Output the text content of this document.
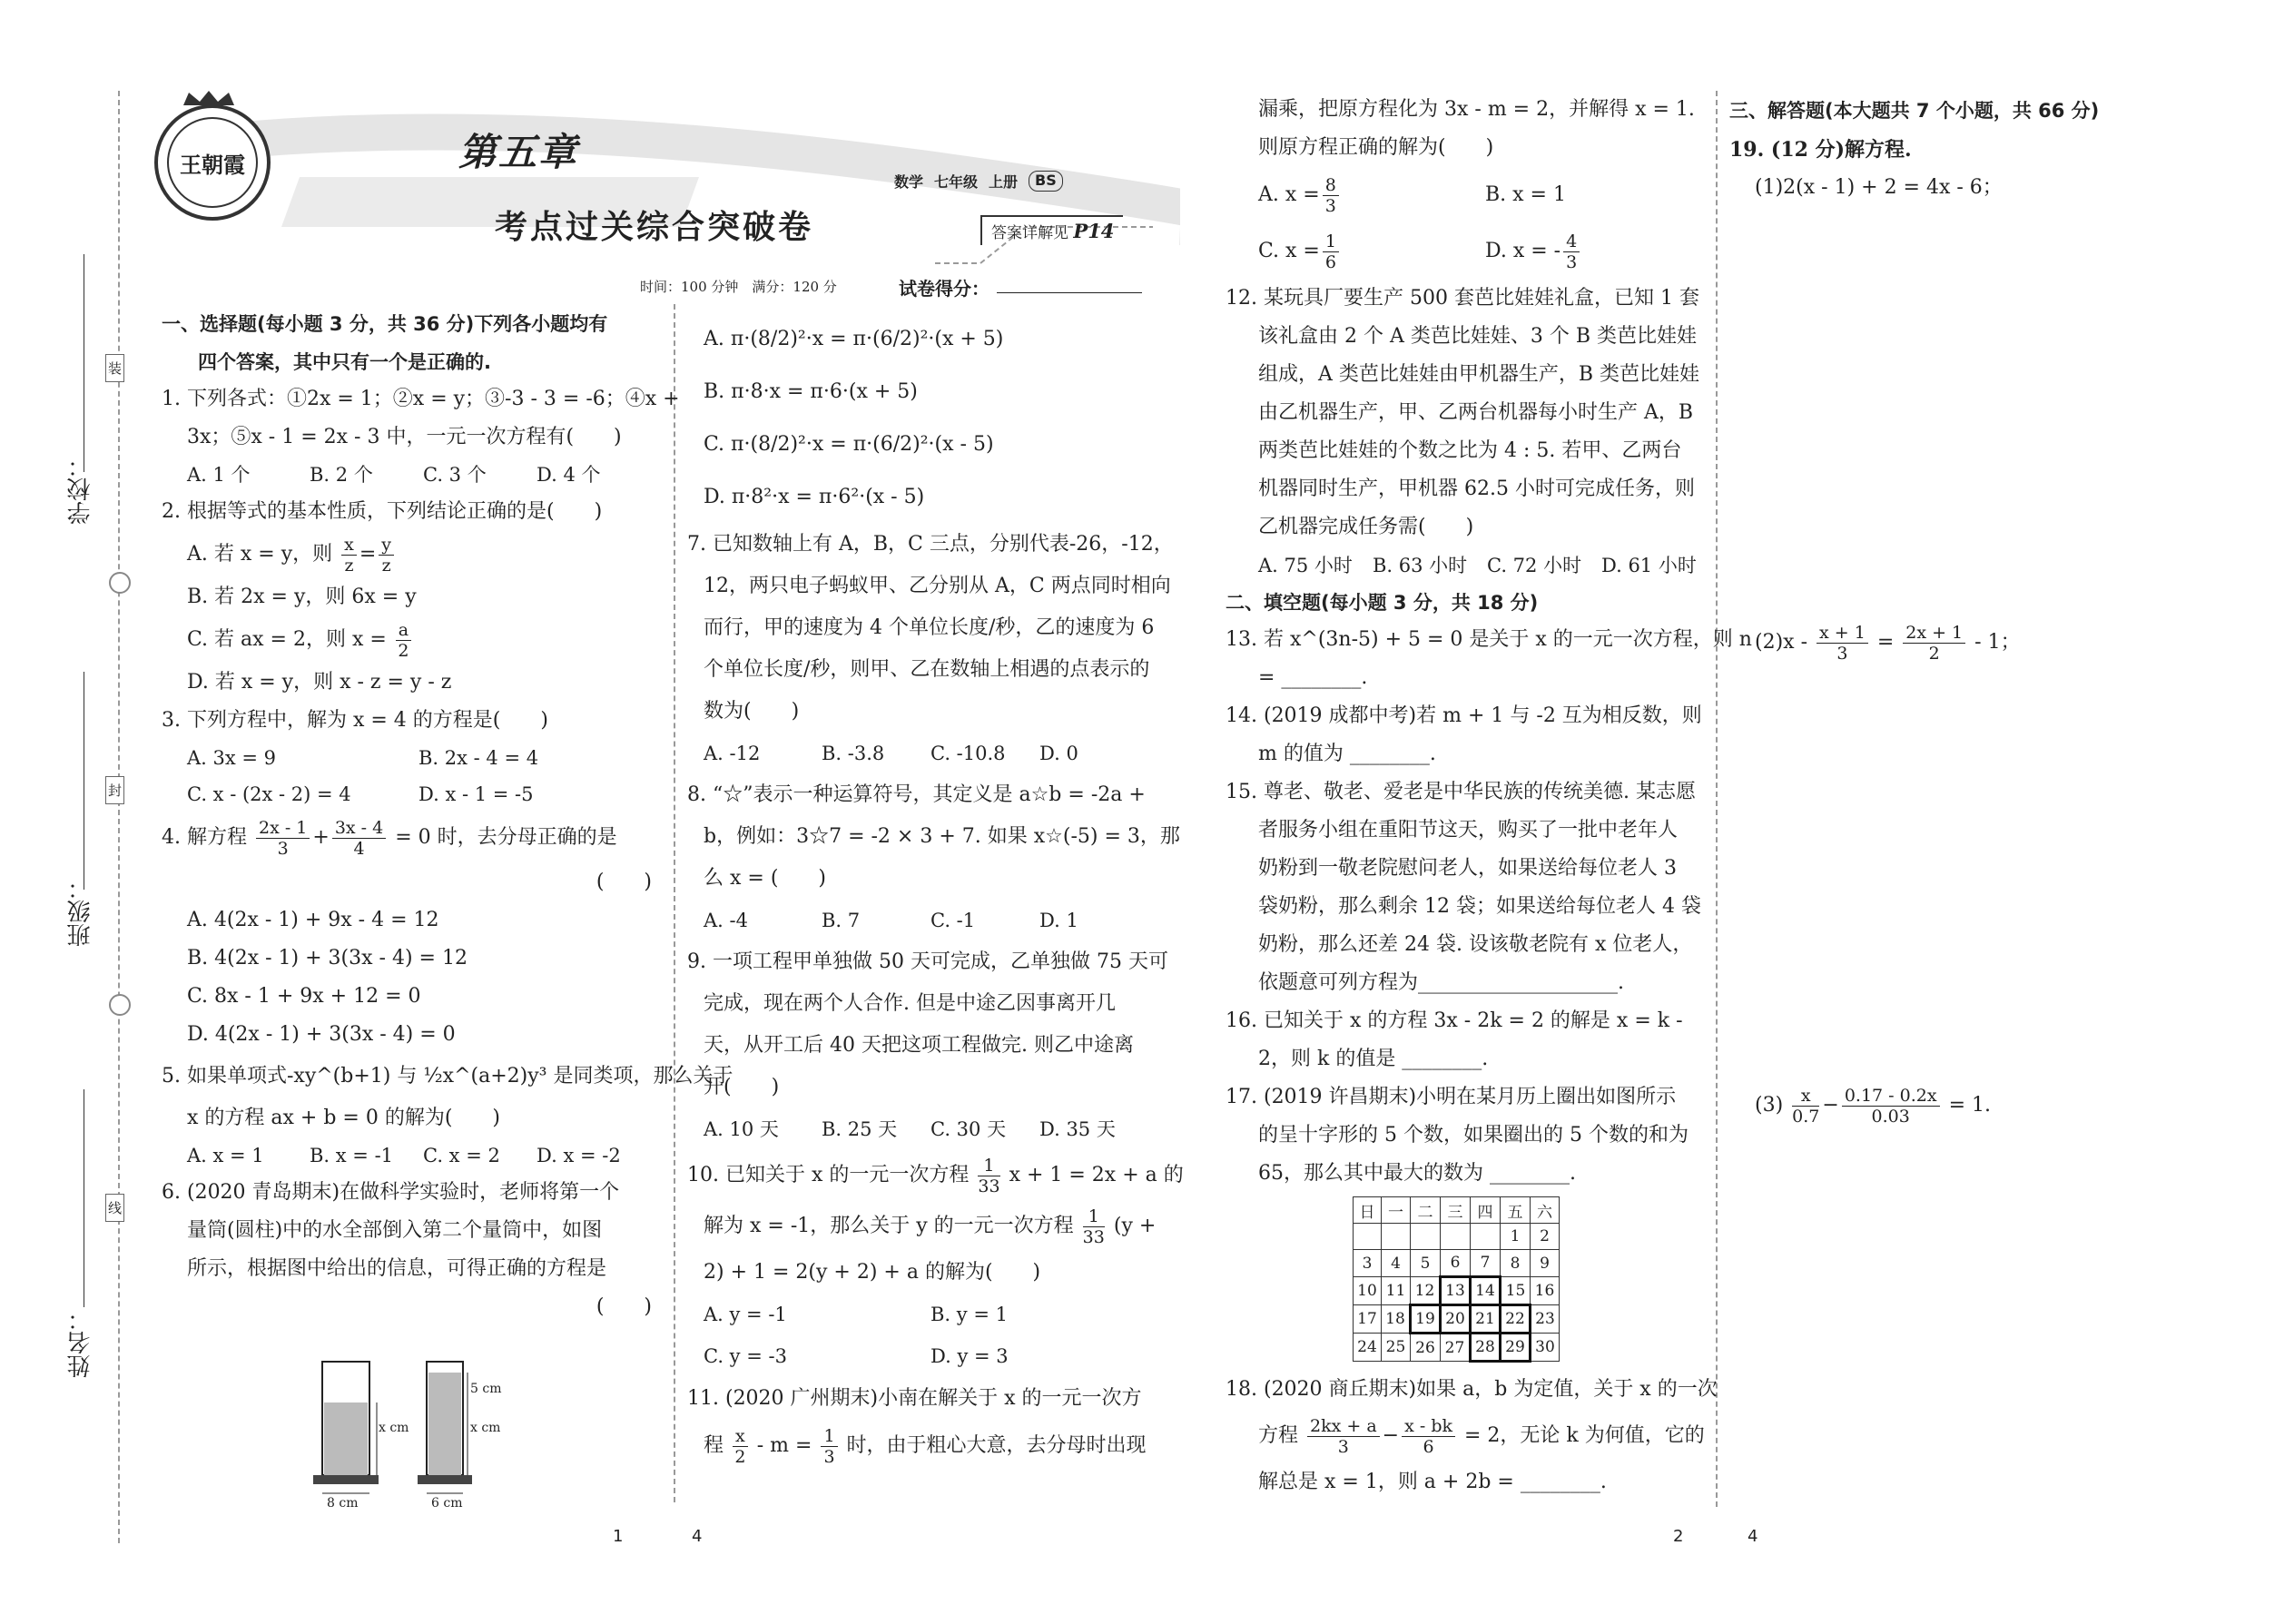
学校：
班级：
姓名：
装
封
线
王朝霞	第五章
考点过关综合突破卷
数学 七年级 上册	BS
答案详解见 P14
时间：100 分钟　满分：120 分	试卷得分：
一、选择题(每小题 3 分，共 36 分)下列各小题均有
四个答案，其中只有一个是正确的.
1. 下列各式：①2x = 1；②x = y；③-3 - 3 = -6；④x +
3x；⑤x - 1 = 2x - 3 中，一元一次方程有(　　)
A. 1 个	B. 2 个	C. 3 个	D. 4 个
2. 根据等式的基本性质，下列结论正确的是(　　)
A. 若 x = y，则 $\frac{x}{z} = \frac{y}{z}$
B. 若 2x = y，则 6x = y
C. 若 ax = 2，则 $x = \frac{a}{2}$
D. 若 x = y，则 x - z = y - z
3. 下列方程中，解为 x = 4 的方程是(　　)
A. 3x = 9	B. 2x - 4 = 4
C. x - (2x - 2) = 4	D. x - 1 = -5
4. 解方程 $\frac{2x - 1}{3} + \frac{3x - 4}{4} = 0$ 时，去分母正确的是
(　　)
A. 4(2x - 1) + 9x - 4 = 12
B. 4(2x - 1) + 3(3x - 4) = 12
C. 8x - 1 + 9x + 12 = 0
D. 4(2x - 1) + 3(3x - 4) = 0
5. 如果单项式-xy^(b+1) 与 ½x^(a+2)y³ 是同类项，那么关于
x 的方程 ax + b = 0 的解为(　　)
A. x = 1	B. x = -1	C. x = 2	D. x = -2
6. (2020 青岛期末)在做科学实验时，老师将第一个
量筒(圆柱)中的水全部倒入第二个量筒中，如图
所示，根据图中给出的信息，可得正确的方程是
(　　)
x cm
5 cm
x cm
8 cm	6 cm
A. π·(8/2)²·x = π·(6/2)²·(x + 5)
B. π·8·x = π·6·(x + 5)
C. π·(8/2)²·x = π·(6/2)²·(x - 5)
D. π·8²·x = π·6²·(x - 5)
7. 已知数轴上有 A，B，C 三点，分别代表-26，-12，
12，两只电子蚂蚁甲、乙分别从 A，C 两点同时相向
而行，甲的速度为 4 个单位长度/秒，乙的速度为 6
个单位长度/秒，则甲、乙在数轴上相遇的点表示的
数为(　　)
A. -12	B. -3.8	C. -10.8	D. 0
8. “☆”表示一种运算符号，其定义是 a☆b = -2a +
b，例如：3☆7 = -2 × 3 + 7. 如果 x☆(-5) = 3，那
么 x = (　　)
A. -4	B. 7	C. -1	D. 1
9. 一项工程甲单独做 50 天可完成，乙单独做 75 天可
完成，现在两个人合作. 但是中途乙因事离开几
天，从开工后 40 天把这项工程做完. 则乙中途离
开(　　)
A. 10 天	B. 25 天	C. 30 天	D. 35 天
10. 已知关于 x 的一元一次方程 $\frac{1}{33}$ x + 1 = 2x + a 的
解为 x = -1，那么关于 y 的一元一次方程 $\frac{1}{33} (y$ +
2) + 1 = 2(y + 2) + a 的解为(　　)
A. y = -1	B. y = 1
C. y = -3	D. y = 3
11. (2020 广州期末)小南在解关于 x 的一元一次方
程 $\frac{x}{2} - m = \frac{1}{3}$ 时，由于粗心大意，去分母时出现
1	4
漏乘，把原方程化为 3x - m = 2，并解得 x = 1.
则原方程正确的解为(　　)
A. $x = \frac{8}{3}$	B. x = 1
C. $x = \frac{1}{6}$	D. x = - $\frac{4}{3}$
12. 某玩具厂要生产 500 套芭比娃娃礼盒，已知 1 套
该礼盒由 2 个 A 类芭比娃娃、3 个 B 类芭比娃娃
组成，A 类芭比娃娃由甲机器生产，B 类芭比娃娃
由乙机器生产，甲、乙两台机器每小时生产 A，B
两类芭比娃娃的个数之比为 4 : 5. 若甲、乙两台
机器同时生产，甲机器 62.5 小时可完成任务，则
乙机器完成任务需(　　)
A. 75 小时	B. 63 小时	C. 72 小时	D. 61 小时
二、填空题(每小题 3 分，共 18 分)
13. 若 x^(3n-5) + 5 = 0 是关于 x 的一元一次方程，则 n
= ________.
14. (2019 成都中考)若 m + 1 与 -2 互为相反数，则
m 的值为 ________.
15. 尊老、敬老、爱老是中华民族的传统美德. 某志愿
者服务小组在重阳节这天，购买了一批中老年人
奶粉到一敬老院慰问老人，如果送给每位老人 3
袋奶粉，那么剩余 12 袋；如果送给每位老人 4 袋
奶粉，那么还差 24 袋. 设该敬老院有 x 位老人，
依题意可列方程为____________________.
16. 已知关于 x 的方程 3x - 2k = 2 的解是 x = k -
2，则 k 的值是 ________.
17. (2019 许昌期末)小明在某月历上圈出如图所示
的呈十字形的 5 个数，如果圈出的 5 个数的和为
65，那么其中最大的数为 ________.
日	一	二	三	四	五	六
					1	2
3	4	5	6	7	8	9
10	11	12	13	14	15	16
17	18	19	20	21	22	23
24	25	26	27	28	29	30
18. (2020 商丘期末)如果 a，b 为定值，关于 x 的一次
方程 $\frac{2kx + a}{3} - \frac{x - bk}{6} = 2$，无论 k 为何值，它的
解总是 x = 1，则 a + 2b = ________.
三、解答题(本大题共 7 个小题，共 66 分)
19. (12 分)解方程.
(1)2(x - 1) + 2 = 4x - 6；
$(2)x - \frac{x + 1}{3} = \frac{2x + 1}{2} - 1$；
$(3) \frac{x}{0.7} - \frac{0.17 - 0.2x}{0.03} = 1$.
2	4
